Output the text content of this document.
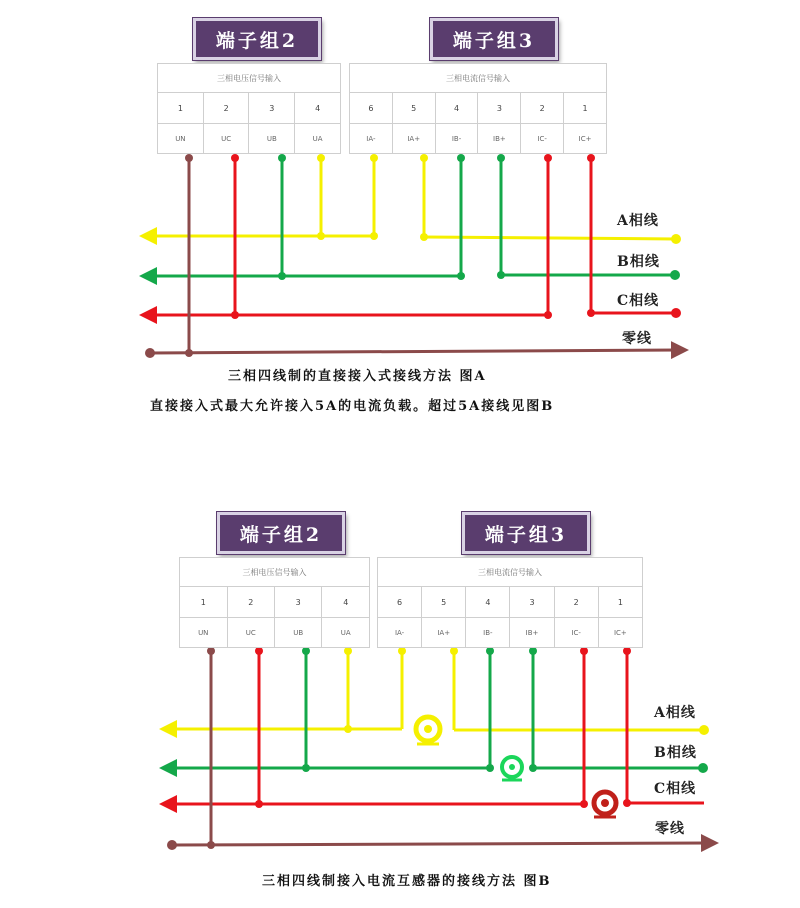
端子组2	端子组3
三相电压信号输入			
1	2	3	4
UN	UC	UB	UA
三相电流信号输入					
6	5	4	3	2	1
IA-	IA+	IB-	IB+	IC-	IC+
A相线
B相线
C相线
零线
三相四线制的直接接入式接线方法 图A
直接接入式最大允许接入5A的电流负载。超过5A接线见图B
端子组2	端子组3
三相电压信号输入			
1	2	3	4
UN	UC	UB	UA
三相电流信号输入					
6	5	4	3	2	1
IA-	IA+	IB-	IB+	IC-	IC+
A相线
B相线
C相线
零线
三相四线制接入电流互感器的接线方法 图B
